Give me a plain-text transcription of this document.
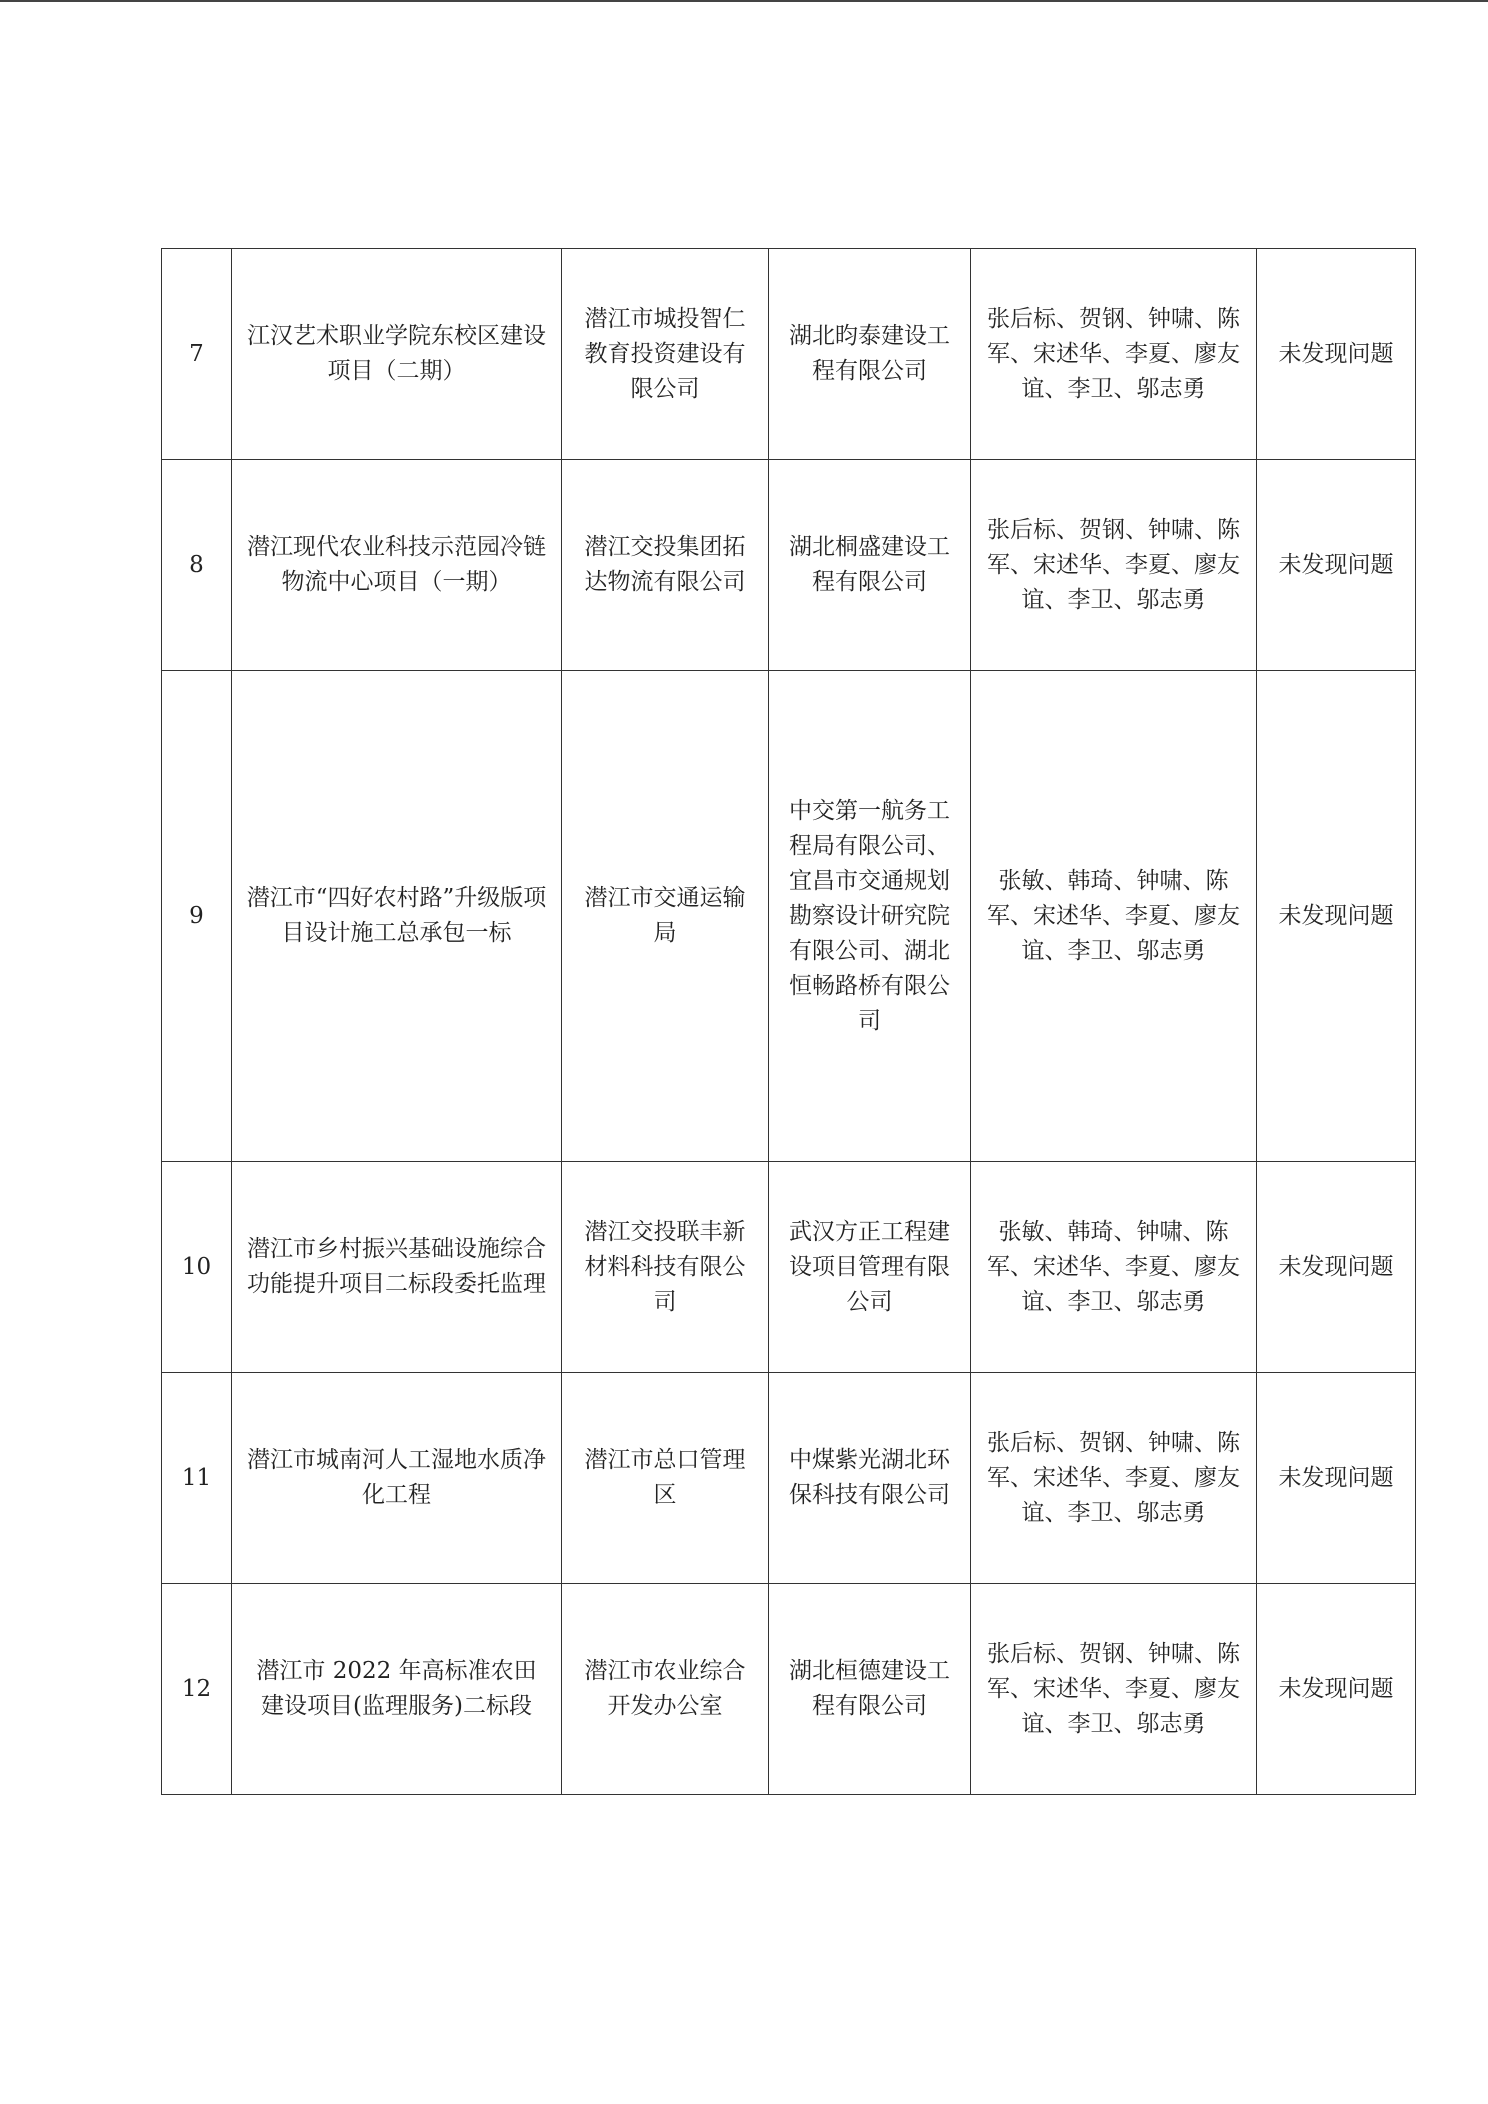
7	江汉艺术职业学院东校区建设项目（二期）	潜江市城投智仁教育投资建设有限公司	湖北昀泰建设工程有限公司	张后标、贺钢、钟啸、陈军、宋述华、李夏、廖友谊、李卫、邬志勇	未发现问题
8	潜江现代农业科技示范园冷链物流中心项目（一期）	潜江交投集团拓达物流有限公司	湖北桐盛建设工程有限公司	张后标、贺钢、钟啸、陈军、宋述华、李夏、廖友谊、李卫、邬志勇	未发现问题
9	潜江市“四好农村路”升级版项目设计施工总承包一标	潜江市交通运输局	中交第一航务工程局有限公司、宜昌市交通规划勘察设计研究院有限公司、湖北恒畅路桥有限公司	张敏、韩琦、钟啸、陈军、宋述华、李夏、廖友谊、李卫、邬志勇	未发现问题
10	潜江市乡村振兴基础设施综合功能提升项目二标段委托监理	潜江交投联丰新材料科技有限公司	武汉方正工程建设项目管理有限公司	张敏、韩琦、钟啸、陈军、宋述华、李夏、廖友谊、李卫、邬志勇	未发现问题
11	潜江市城南河人工湿地水质净化工程	潜江市总口管理区	中煤紫光湖北环保科技有限公司	张后标、贺钢、钟啸、陈军、宋述华、李夏、廖友谊、李卫、邬志勇	未发现问题
12	潜江市 2022 年高标准农田建设项目(监理服务)二标段	潜江市农业综合开发办公室	湖北桓德建设工程有限公司	张后标、贺钢、钟啸、陈军、宋述华、李夏、廖友谊、李卫、邬志勇	未发现问题
